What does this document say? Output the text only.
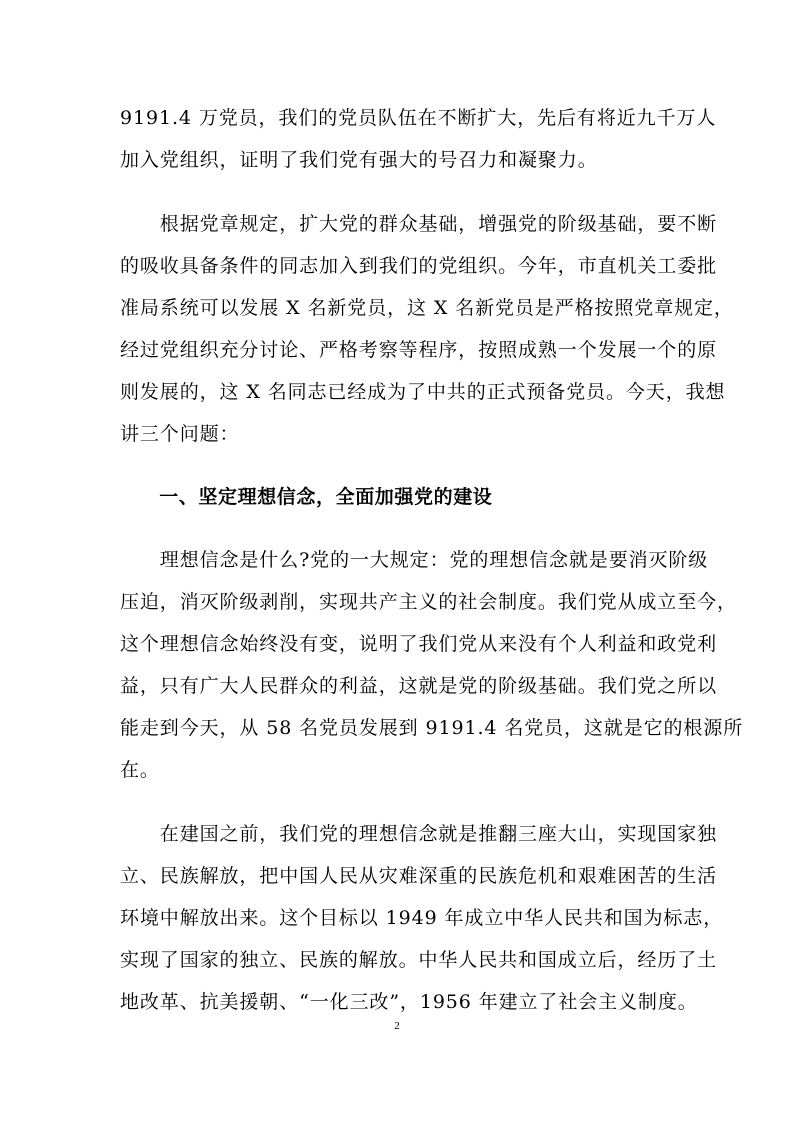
9191.4 万党员，我们的党员队伍在不断扩大，先后有将近九千万人
加入党组织，证明了我们党有强大的号召力和凝聚力。
　　根据党章规定，扩大党的群众基础，增强党的阶级基础，要不断
的吸收具备条件的同志加入到我们的党组织。今年，市直机关工委批
准局系统可以发展 X 名新党员，这 X 名新党员是严格按照党章规定，
经过党组织充分讨论、严格考察等程序，按照成熟一个发展一个的原
则发展的，这 X 名同志已经成为了中共的正式预备党员。今天，我想
讲三个问题：
　　一、坚定理想信念，全面加强党的建设
　　理想信念是什么?党的一大规定：党的理想信念就是要消灭阶级
压迫，消灭阶级剥削，实现共产主义的社会制度。我们党从成立至今，
这个理想信念始终没有变，说明了我们党从来没有个人利益和政党利
益，只有广大人民群众的利益，这就是党的阶级基础。我们党之所以
能走到今天，从 58 名党员发展到 9191.4 名党员，这就是它的根源所
在。
　　在建国之前，我们党的理想信念就是推翻三座大山，实现国家独
立、民族解放，把中国人民从灾难深重的民族危机和艰难困苦的生活
环境中解放出来。这个目标以 1949 年成立中华人民共和国为标志，
实现了国家的独立、民族的解放。中华人民共和国成立后，经历了土
地改革、抗美援朝、“一化三改”，1956 年建立了社会主义制度。
2
